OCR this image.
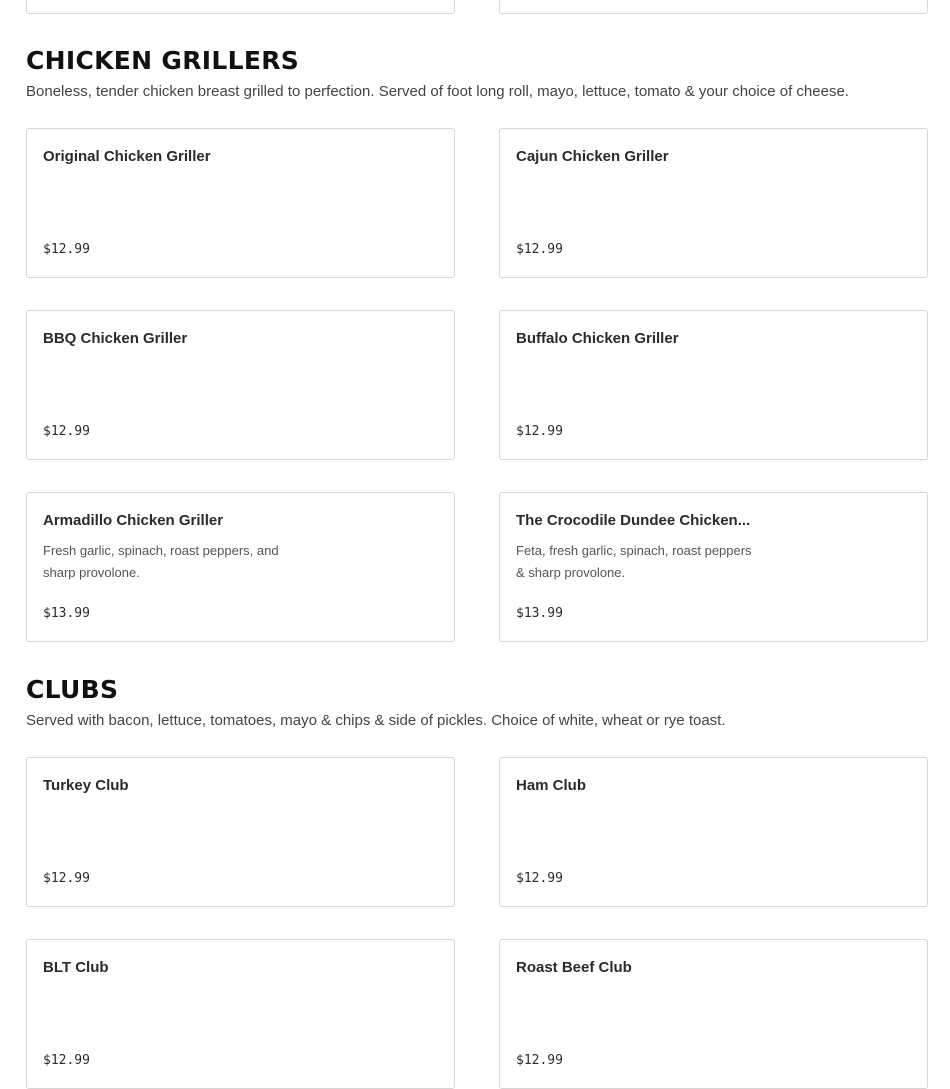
CHICKEN GRILLERS

Boneless, tender chicken breast grilled to perfection. Served of foot long roll, mayo, lettuce, tomato & your choice of cheese.

Original Chicken Griller
$12.99
Cajun Chicken Griller
$12.99
BBQ Chicken Griller
$12.99
Buffalo Chicken Griller
$12.99
Armadillo Chicken Griller
Fresh garlic, spinach, roast peppers, and sharp provolone.
$13.99
The Crocodile Dundee Chicken...
Feta, fresh garlic, spinach, roast peppers & sharp provolone.
$13.99
CLUBS

Served with bacon, lettuce, tomatoes, mayo & chips & side of pickles. Choice of white, wheat or rye toast.

Turkey Club
$12.99
Ham Club
$12.99
BLT Club
$12.99
Roast Beef Club
$12.99
